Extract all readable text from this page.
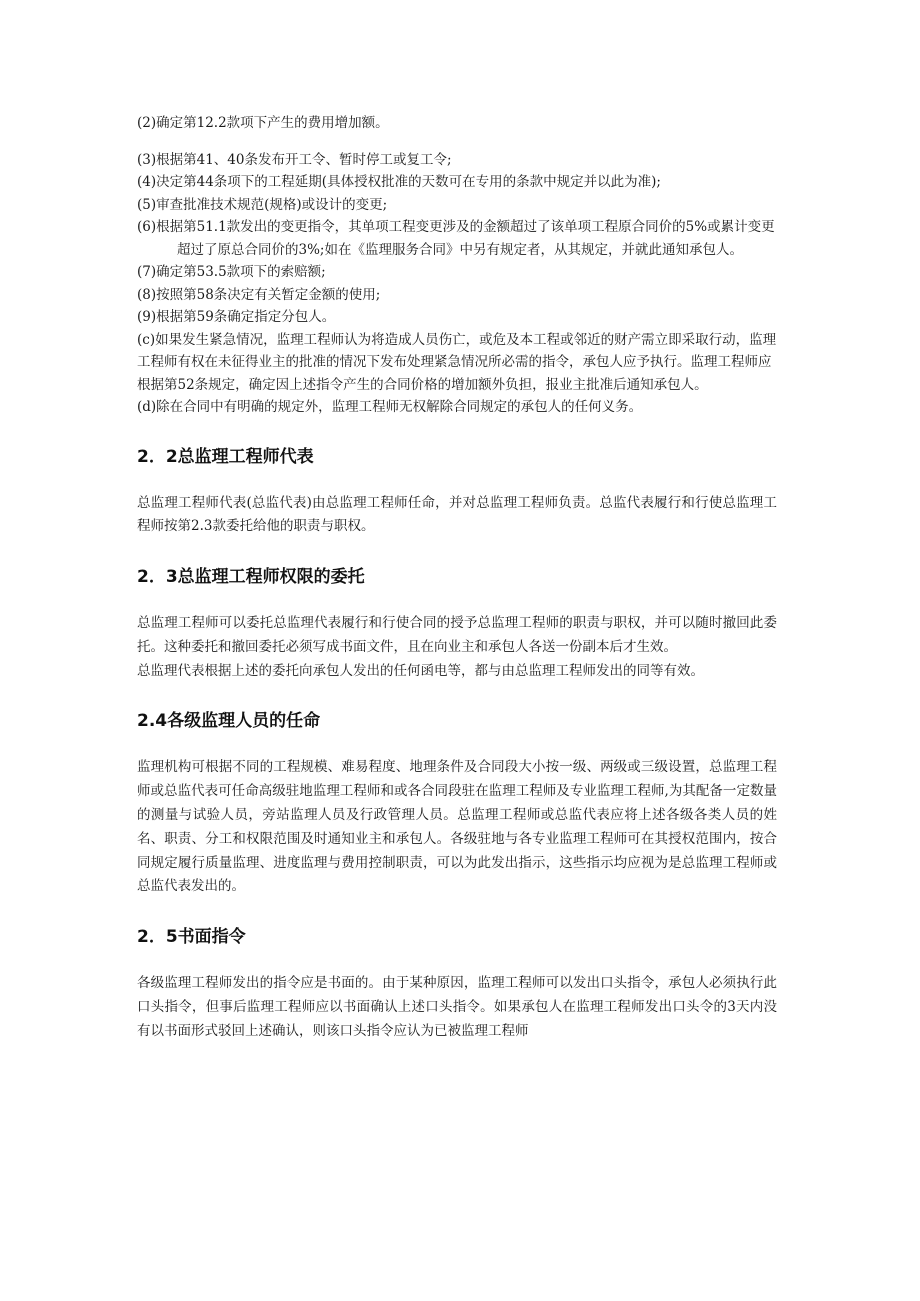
(2)确定第12.2款项下产生的费用增加额。

(3)根据第41、40条发布开工令、暂时停工或复工令;

(4)决定第44条项下的工程延期(具体授权批准的天数可在专用的条款中规定并以此为准);

(5)审查批准技术规范(规格)或设计的变更;

(6)根据第51.1款发出的变更指令，其单项工程变更涉及的金额超过了该单项工程原合同价的5%或累计变更超过了原总合同价的3%;如在《监理服务合同》中另有规定者，从其规定，并就此通知承包人。

(7)确定第53.5款项下的索赔额;

(8)按照第58条决定有关暂定金额的使用;

(9)根据第59条确定指定分包人。

(c)如果发生紧急情况，监理工程师认为将造成人员伤亡，或危及本工程或邻近的财产需立即采取行动，监理工程师有权在未征得业主的批准的情况下发布处理紧急情况所必需的指令，承包人应予执行。监理工程师应根据第52条规定，确定因上述指令产生的合同价格的增加额外负担，报业主批准后通知承包人。

(d)除在合同中有明确的规定外，监理工程师无权解除合同规定的承包人的任何义务。

2．2总监理工程师代表

总监理工程师代表(总监代表)由总监理工程师任命，并对总监理工程师负责。总监代表履行和行使总监理工程师按第2.3款委托给他的职责与职权。

2．3总监理工程师权限的委托

总监理工程师可以委托总监理代表履行和行使合同的授予总监理工程师的职责与职权，并可以随时撤回此委托。这种委托和撤回委托必须写成书面文件，且在向业主和承包人各送一份副本后才生效。

总监理代表根据上述的委托向承包人发出的任何函电等，都与由总监理工程师发出的同等有效。

2.4各级监理人员的任命

监理机构可根据不同的工程规模、难易程度、地理条件及合同段大小按一级、两级或三级设置，总监理工程师或总监代表可任命高级驻地监理工程师和或各合同段驻在监理工程师及专业监理工程师,为其配备一定数量的测量与试验人员，旁站监理人员及行政管理人员。总监理工程师或总监代表应将上述各级各类人员的姓名、职责、分工和权限范围及时通知业主和承包人。各级驻地与各专业监理工程师可在其授权范围内，按合同规定履行质量监理、进度监理与费用控制职责，可以为此发出指示，这些指示均应视为是总监理工程师或总监代表发出的。

2．5书面指令

各级监理工程师发出的指令应是书面的。由于某种原因，监理工程师可以发出口头指令，承包人必须执行此口头指令，但事后监理工程师应以书面确认上述口头指令。如果承包人在监理工程师发出口头令的3天内没有以书面形式驳回上述确认，则该口头指令应认为已被监理工程师
